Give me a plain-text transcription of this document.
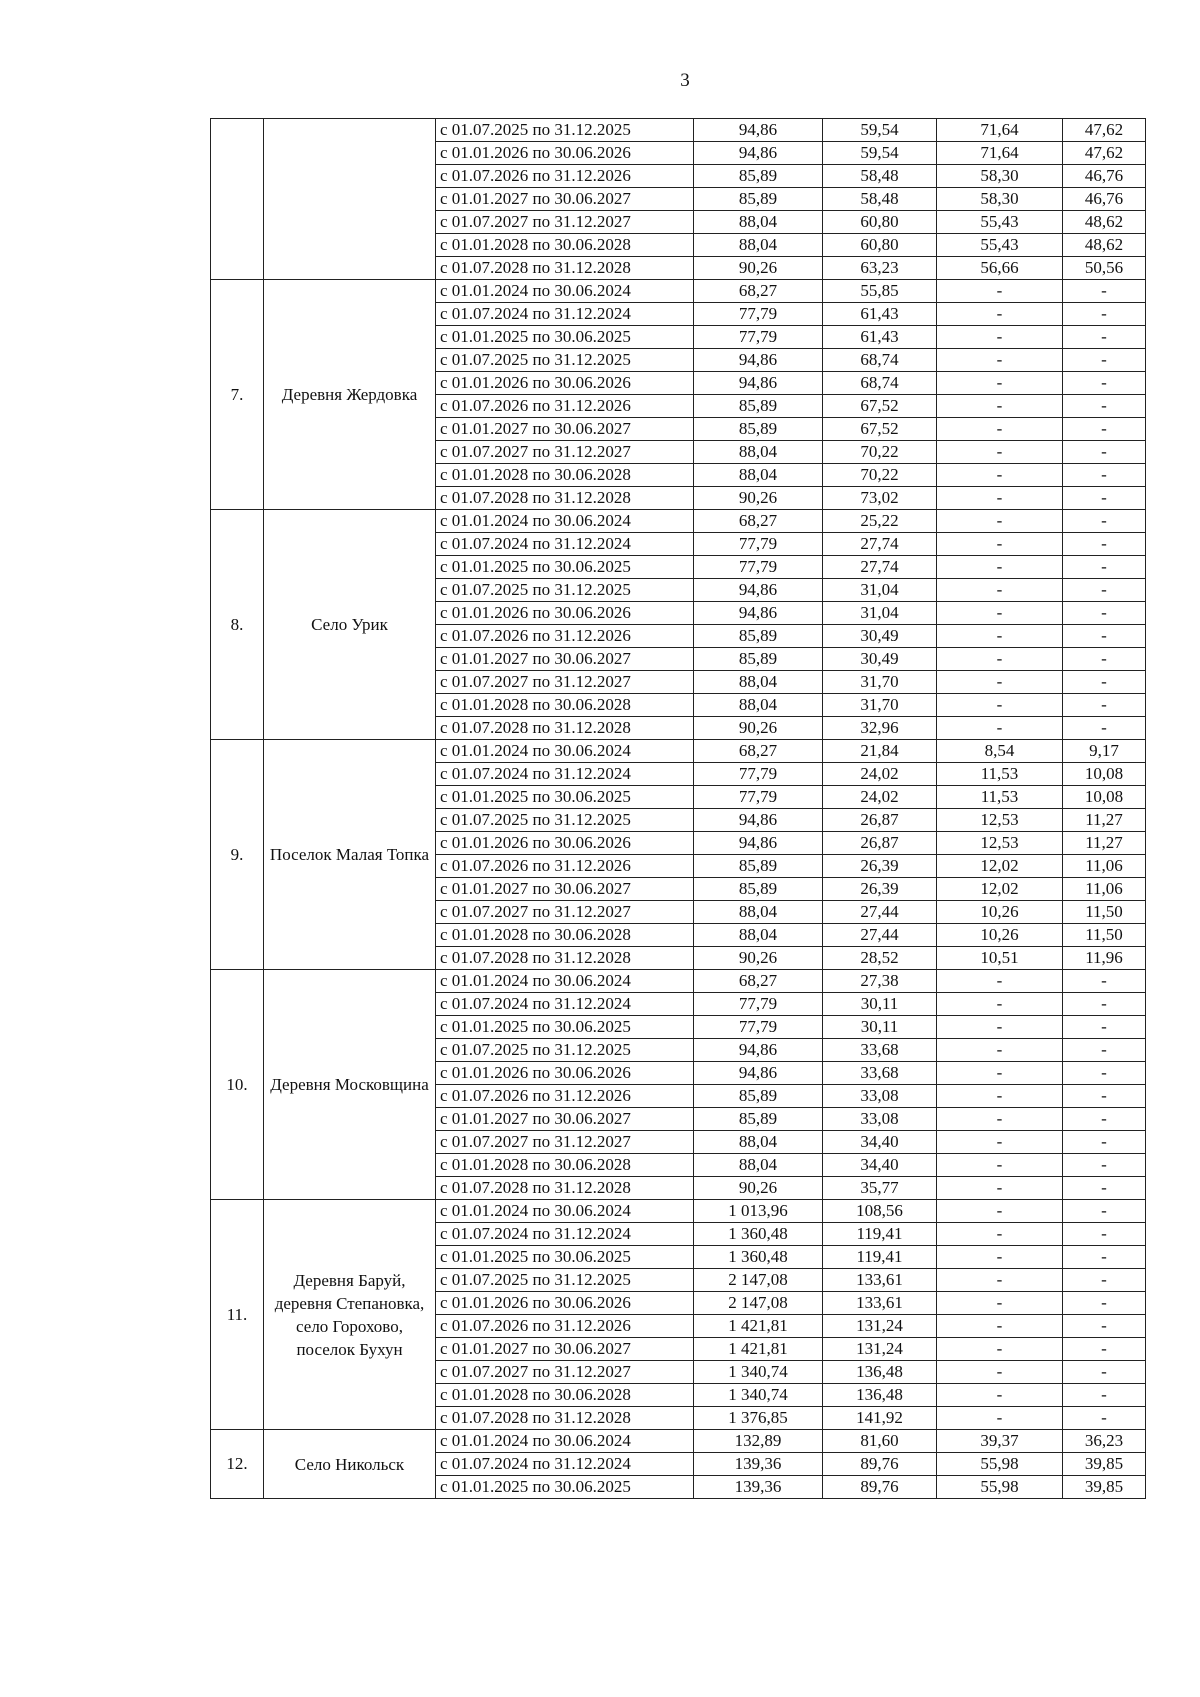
3
		с 01.07.2025 по 31.12.2025	94,86	59,54	71,64	47,62
		с 01.01.2026 по 30.06.2026	94,86	59,54	71,64	47,62
		с 01.07.2026 по 31.12.2026	85,89	58,48	58,30	46,76
		с 01.01.2027 по 30.06.2027	85,89	58,48	58,30	46,76
		с 01.07.2027 по 31.12.2027	88,04	60,80	55,43	48,62
		с 01.01.2028 по 30.06.2028	88,04	60,80	55,43	48,62
		с 01.07.2028 по 31.12.2028	90,26	63,23	56,66	50,56
7.	Деревня Жердовка	с 01.01.2024 по 30.06.2024	68,27	55,85	-	-
		с 01.07.2024 по 31.12.2024	77,79	61,43	-	-
		с 01.01.2025 по 30.06.2025	77,79	61,43	-	-
		с 01.07.2025 по 31.12.2025	94,86	68,74	-	-
		с 01.01.2026 по 30.06.2026	94,86	68,74	-	-
		с 01.07.2026 по 31.12.2026	85,89	67,52	-	-
		с 01.01.2027 по 30.06.2027	85,89	67,52	-	-
		с 01.07.2027 по 31.12.2027	88,04	70,22	-	-
		с 01.01.2028 по 30.06.2028	88,04	70,22	-	-
		с 01.07.2028 по 31.12.2028	90,26	73,02	-	-
8.	Село Урик	с 01.01.2024 по 30.06.2024	68,27	25,22	-	-
		с 01.07.2024 по 31.12.2024	77,79	27,74	-	-
		с 01.01.2025 по 30.06.2025	77,79	27,74	-	-
		с 01.07.2025 по 31.12.2025	94,86	31,04	-	-
		с 01.01.2026 по 30.06.2026	94,86	31,04	-	-
		с 01.07.2026 по 31.12.2026	85,89	30,49	-	-
		с 01.01.2027 по 30.06.2027	85,89	30,49	-	-
		с 01.07.2027 по 31.12.2027	88,04	31,70	-	-
		с 01.01.2028 по 30.06.2028	88,04	31,70	-	-
		с 01.07.2028 по 31.12.2028	90,26	32,96	-	-
9.	Поселок Малая Топка	с 01.01.2024 по 30.06.2024	68,27	21,84	8,54	9,17
		с 01.07.2024 по 31.12.2024	77,79	24,02	11,53	10,08
		с 01.01.2025 по 30.06.2025	77,79	24,02	11,53	10,08
		с 01.07.2025 по 31.12.2025	94,86	26,87	12,53	11,27
		с 01.01.2026 по 30.06.2026	94,86	26,87	12,53	11,27
		с 01.07.2026 по 31.12.2026	85,89	26,39	12,02	11,06
		с 01.01.2027 по 30.06.2027	85,89	26,39	12,02	11,06
		с 01.07.2027 по 31.12.2027	88,04	27,44	10,26	11,50
		с 01.01.2028 по 30.06.2028	88,04	27,44	10,26	11,50
		с 01.07.2028 по 31.12.2028	90,26	28,52	10,51	11,96
10.	Деревня Московщина	с 01.01.2024 по 30.06.2024	68,27	27,38	-	-
		с 01.07.2024 по 31.12.2024	77,79	30,11	-	-
		с 01.01.2025 по 30.06.2025	77,79	30,11	-	-
		с 01.07.2025 по 31.12.2025	94,86	33,68	-	-
		с 01.01.2026 по 30.06.2026	94,86	33,68	-	-
		с 01.07.2026 по 31.12.2026	85,89	33,08	-	-
		с 01.01.2027 по 30.06.2027	85,89	33,08	-	-
		с 01.07.2027 по 31.12.2027	88,04	34,40	-	-
		с 01.01.2028 по 30.06.2028	88,04	34,40	-	-
		с 01.07.2028 по 31.12.2028	90,26	35,77	-	-
11.	Деревня Баруй, деревня Степановка, село Горохово, поселок Бухун	с 01.01.2024 по 30.06.2024	1 013,96	108,56	-	-
		с 01.07.2024 по 31.12.2024	1 360,48	119,41	-	-
		с 01.01.2025 по 30.06.2025	1 360,48	119,41	-	-
		с 01.07.2025 по 31.12.2025	2 147,08	133,61	-	-
		с 01.01.2026 по 30.06.2026	2 147,08	133,61	-	-
		с 01.07.2026 по 31.12.2026	1 421,81	131,24	-	-
		с 01.01.2027 по 30.06.2027	1 421,81	131,24	-	-
		с 01.07.2027 по 31.12.2027	1 340,74	136,48	-	-
		с 01.01.2028 по 30.06.2028	1 340,74	136,48	-	-
		с 01.07.2028 по 31.12.2028	1 376,85	141,92	-	-
12.	Село Никольск	с 01.01.2024 по 30.06.2024	132,89	81,60	39,37	36,23
		с 01.07.2024 по 31.12.2024	139,36	89,76	55,98	39,85
		с 01.01.2025 по 30.06.2025	139,36	89,76	55,98	39,85
